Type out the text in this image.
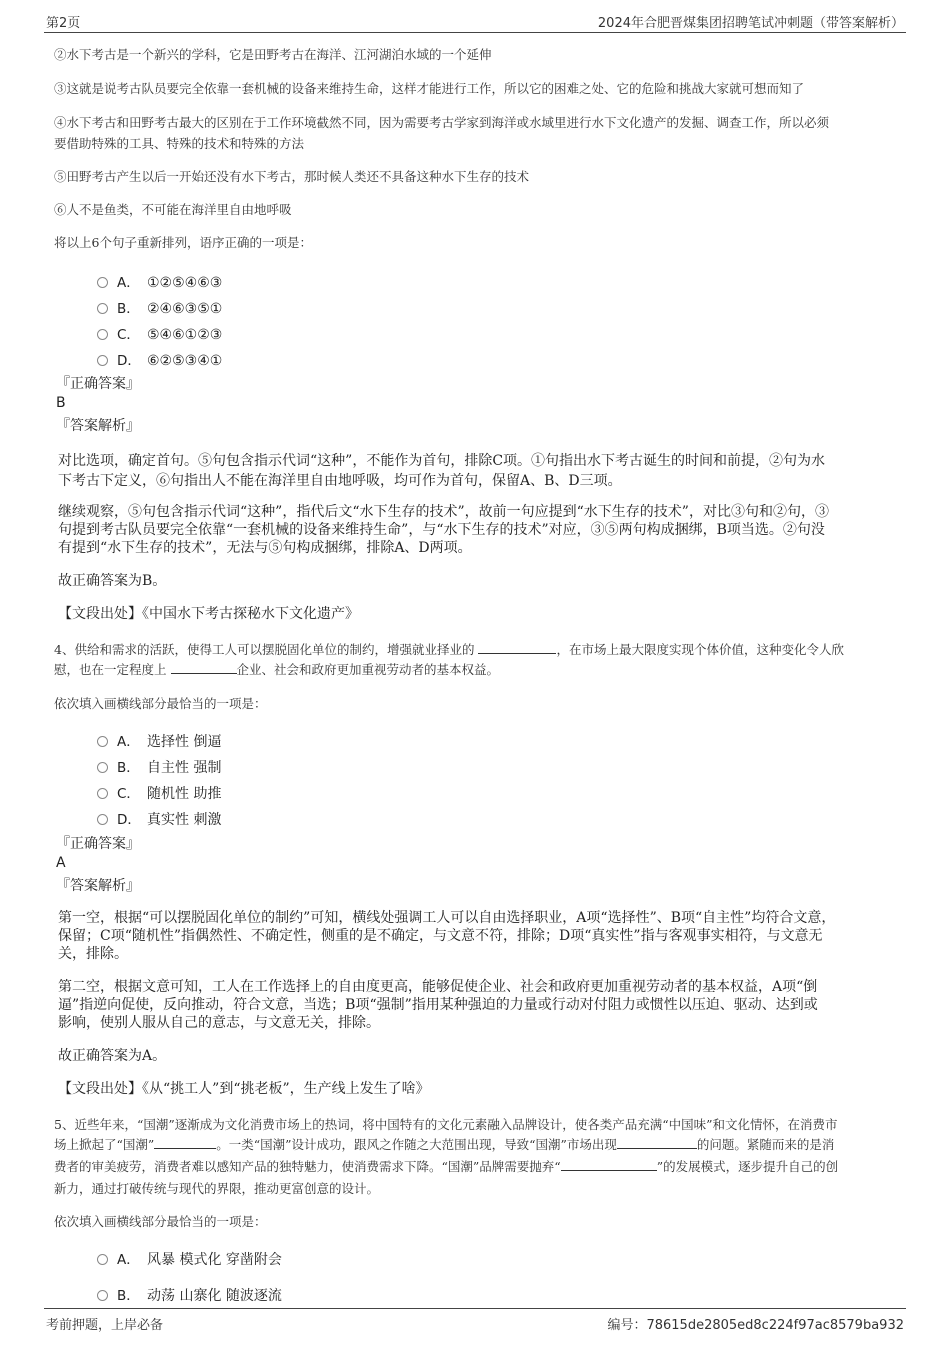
第2页	2024年合肥晋煤集团招聘笔试冲刺题（带答案解析）
②水下考古是一个新兴的学科，它是田野考古在海洋、江河湖泊水域的一个延伸
③这就是说考古队员要完全依靠一套机械的设备来维持生命，这样才能进行工作，所以它的困难之处、它的危险和挑战大家就可想而知了
④水下考古和田野考古最大的区别在于工作环境截然不同，因为需要考古学家到海洋或水域里进行水下文化遗产的发掘、调查工作，所以必须
要借助特殊的工具、特殊的技术和特殊的方法
⑤田野考古产生以后一开始还没有水下考古，那时候人类还不具备这种水下生存的技术
⑥人不是鱼类，不可能在海洋里自由地呼吸
将以上6个句子重新排列，语序正确的一项是：
A． ①②⑤④⑥③
B． ②④⑥③⑤①
C． ⑤④⑥①②③
D． ⑥②⑤③④①
『正确答案』
B
『答案解析』
对比选项，确定首句。⑤句包含指示代词“这种”，不能作为首句，排除C项。①句指出水下考古诞生的时间和前提，②句为水
下考古下定义，⑥句指出人不能在海洋里自由地呼吸，均可作为首句，保留A、B、D三项。
继续观察，⑤句包含指示代词“这种”，指代后文“水下生存的技术”，故前一句应提到“水下生存的技术”，对比③句和②句，③
句提到考古队员要完全依靠“一套机械的设备来维持生命”，与“水下生存的技术”对应，③⑤两句构成捆绑，B项当选。②句没
有提到“水下生存的技术”，无法与⑤句构成捆绑，排除A、D两项。
故正确答案为B。
【文段出处】《中国水下考古探秘水下文化遗产》
4、供给和需求的活跃，使得工人可以摆脱固化单位的制约，增强就业择业的	，在市场上最大限度实现个体价值，这种变化令人欣
慰，也在一定程度上	企业、社会和政府更加重视劳动者的基本权益。
依次填入画横线部分最恰当的一项是：
A． 选择性 倒逼
B． 自主性 强制
C． 随机性 助推
D． 真实性 刺激
『正确答案』
A
『答案解析』
第一空，根据“可以摆脱固化单位的制约”可知，横线处强调工人可以自由选择职业，A项“选择性”、B项“自主性”均符合文意，
保留；C项“随机性”指偶然性、不确定性，侧重的是不确定，与文意不符，排除；D项“真实性”指与客观事实相符，与文意无
关，排除。
第二空，根据文意可知，工人在工作选择上的自由度更高，能够促使企业、社会和政府更加重视劳动者的基本权益，A项“倒
逼”指逆向促使，反向推动，符合文意，当选；B项“强制”指用某种强迫的力量或行动对付阻力或惯性以压迫、驱动、达到或
影响，使别人服从自己的意志，与文意无关，排除。
故正确答案为A。
【文段出处】《从“挑工人”到“挑老板”，生产线上发生了啥》
5、近些年来，“国潮”逐渐成为文化消费市场上的热词，将中国特有的文化元素融入品牌设计，使各类产品充满“中国味”和文化情怀，在消费市
场上掀起了“国潮”	。一类“国潮”设计成功，跟风之作随之大范围出现，导致“国潮”市场出现	的问题。紧随而来的是消
费者的审美疲劳，消费者难以感知产品的独特魅力，使消费需求下降。“国潮”品牌需要抛弃“	”的发展模式，逐步提升自己的创
新力，通过打破传统与现代的界限，推动更富创意的设计。
依次填入画横线部分最恰当的一项是：
A． 风暴 模式化 穿凿附会
B． 动荡 山寨化 随波逐流
考前押题，上岸必备	编号：78615de2805ed8c224f97ac8579ba932
